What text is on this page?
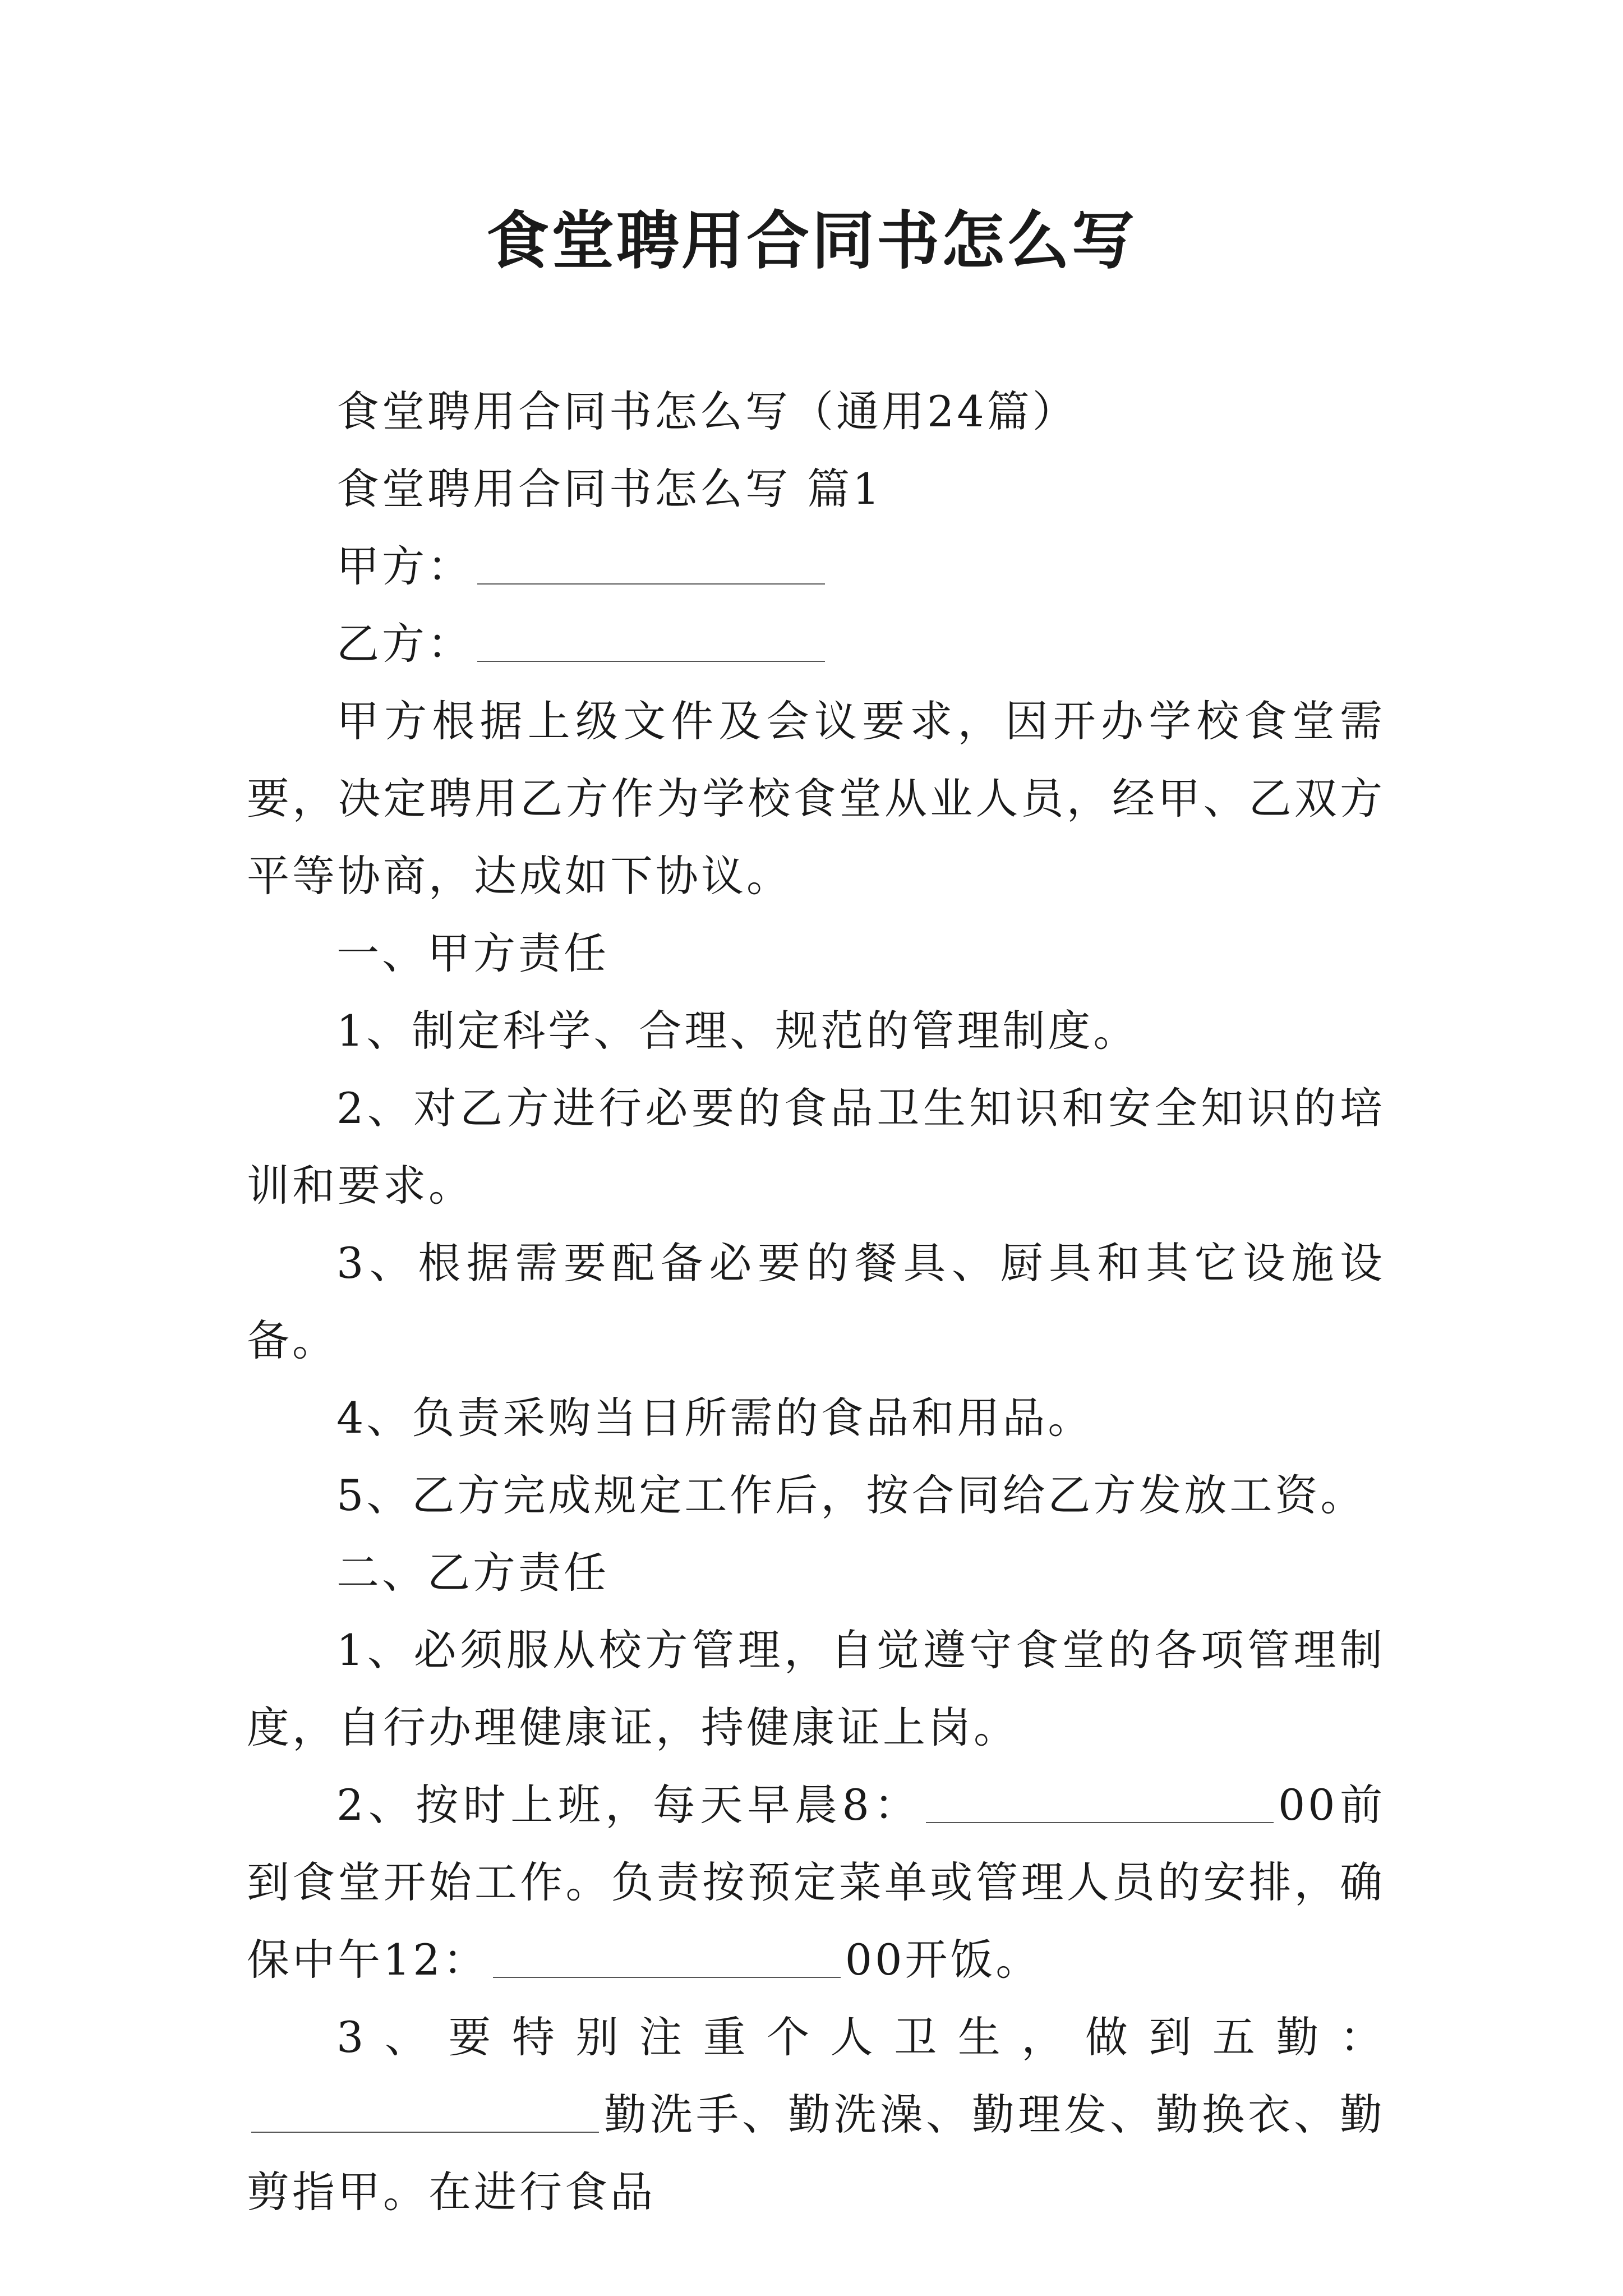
食堂聘用合同书怎么写

食堂聘用合同书怎么写（通用24篇）

食堂聘用合同书怎么写 篇1

甲方：

乙方：

甲方根据上级文件及会议要求，因开办学校食堂需要，决定聘用乙方作为学校食堂从业人员，经甲、乙双方平等协商，达成如下协议。

一、甲方责任

1、制定科学、合理、规范的管理制度。

2、对乙方进行必要的食品卫生知识和安全知识的培训和要求。

3、根据需要配备必要的餐具、厨具和其它设施设备。

4、负责采购当日所需的食品和用品。

5、乙方完成规定工作后，按合同给乙方发放工资。

二、乙方责任

1、必须服从校方管理，自觉遵守食堂的各项管理制度，自行办理健康证，持健康证上岗。

2、按时上班，每天早晨8：	00前到食堂开始工作。负责按预定菜单或管理人员的安排，确保中午12：	00开饭。

3、要特别注重个人卫生，做到五勤：勤洗手、勤洗澡、勤理发、勤换衣、勤剪指甲。在进行食品
